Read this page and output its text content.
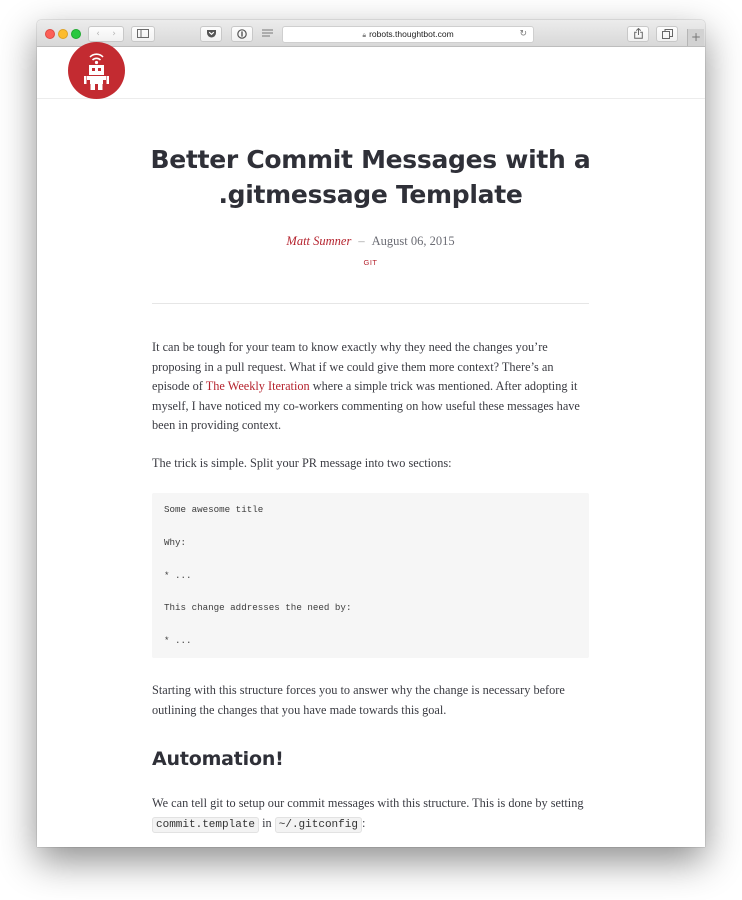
‹ ›	🔒︎ robots.thoughtbot.com	↻	+
Better Commit Messages with a
.gitmessage Template
Matt Sumner – August 06, 2015
GIT

It can be tough for your team to know exactly why they need the changes you’re proposing in a pull request. What if we could give them more context? There’s an episode of The Weekly Iteration where a simple trick was mentioned. After adopting it myself, I have noticed my co-workers commenting on how useful these messages have been in providing context.

The trick is simple. Split your PR message into two sections:

Some awesome title
Why:
* ...
This change addresses the need by:
* ...

Starting with this structure forces you to answer why the change is necessary before outlining the changes that you have made towards this goal.

Automation!

We can tell git to setup our commit messages with this structure. This is done by setting commit.template in ~/.gitconfig :
